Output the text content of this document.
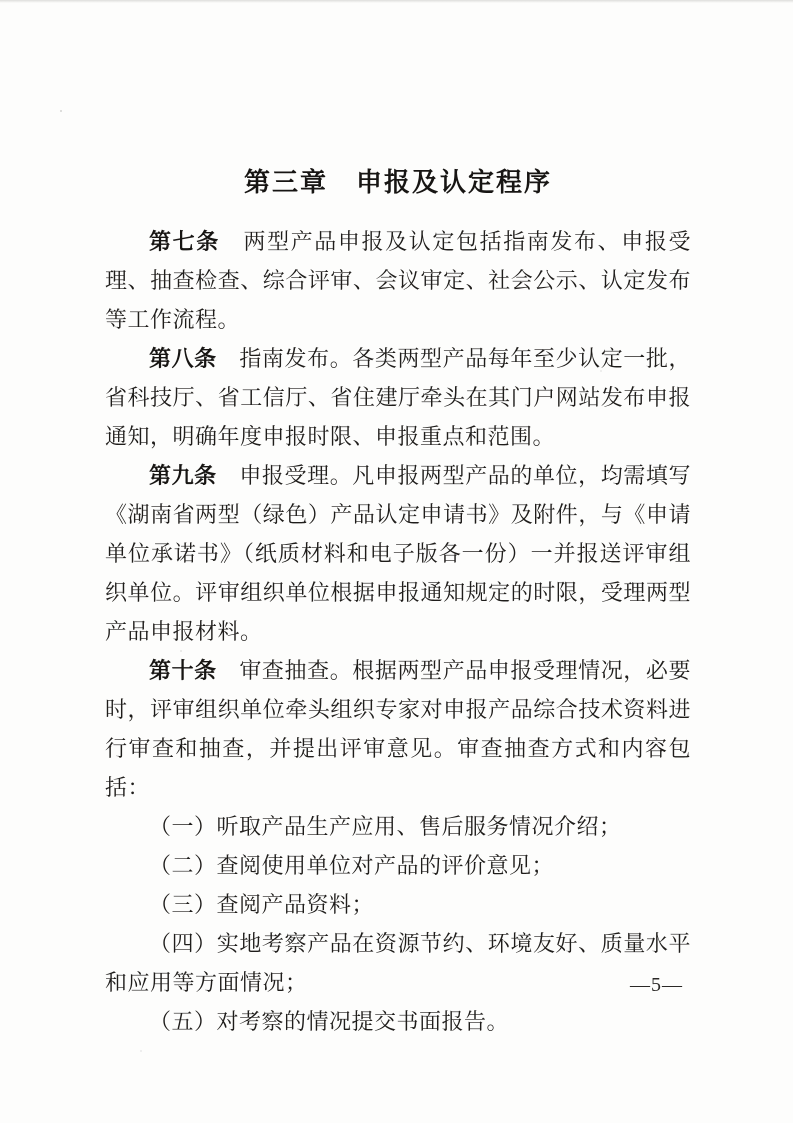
第三章　申报及认定程序

第七条　两型产品申报及认定包括指南发布、申报受理、抽查检查、综合评审、会议审定、社会公示、认定发布等工作流程。

第八条　指南发布。各类两型产品每年至少认定一批，省科技厅、省工信厅、省住建厅牵头在其门户网站发布申报通知，明确年度申报时限、申报重点和范围。

第九条　申报受理。凡申报两型产品的单位，均需填写《湖南省两型（绿色）产品认定申请书》及附件，与《申请单位承诺书》（纸质材料和电子版各一份）一并报送评审组织单位。评审组织单位根据申报通知规定的时限，受理两型产品申报材料。

第十条　审查抽查。根据两型产品申报受理情况，必要时，评审组织单位牵头组织专家对申报产品综合技术资料进行审查和抽查，并提出评审意见。审查抽查方式和内容包括：

（一）听取产品生产应用、售后服务情况介绍；

（二）查阅使用单位对产品的评价意见；

（三）查阅产品资料；

（四）实地考察产品在资源节约、环境友好、质量水平和应用等方面情况；

（五）对考察的情况提交书面报告。

—5—
